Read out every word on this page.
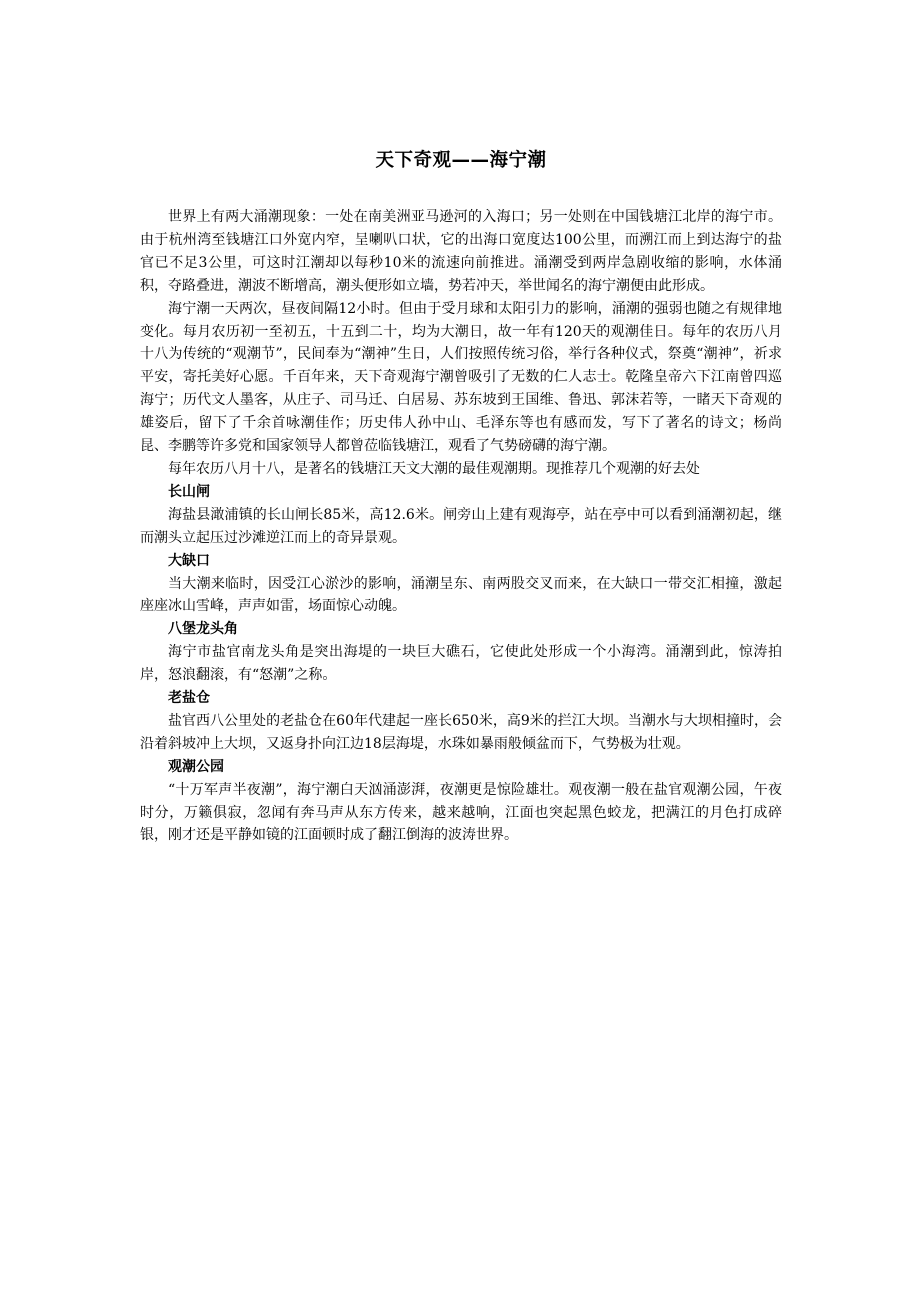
天下奇观——海宁潮

世界上有两大涌潮现象：一处在南美洲亚马逊河的入海口；另一处则在中国钱塘江北岸的海宁市。由于杭州湾至钱塘江口外宽内窄，呈喇叭口状，它的出海口宽度达100公里，而溯江而上到达海宁的盐官已不足3公里，可这时江潮却以每秒10米的流速向前推进。涌潮受到两岸急剧收缩的影响，水体涌积，夺路叠进，潮波不断增高，潮头便形如立墙，势若冲天，举世闻名的海宁潮便由此形成。

海宁潮一天两次，昼夜间隔12小时。但由于受月球和太阳引力的影响，涌潮的强弱也随之有规律地变化。每月农历初一至初五，十五到二十，均为大潮日，故一年有120天的观潮佳日。每年的农历八月十八为传统的“观潮节”，民间奉为“潮神”生日，人们按照传统习俗，举行各种仪式，祭奠“潮神”，祈求平安，寄托美好心愿。千百年来，天下奇观海宁潮曾吸引了无数的仁人志士。乾隆皇帝六下江南曾四巡海宁；历代文人墨客，从庄子、司马迁、白居易、苏东坡到王国维、鲁迅、郭沫若等，一睹天下奇观的雄姿后，留下了千余首咏潮佳作；历史伟人孙中山、毛泽东等也有感而发，写下了著名的诗文；杨尚昆、李鹏等许多党和国家领导人都曾莅临钱塘江，观看了气势磅礴的海宁潮。

每年农历八月十八，是著名的钱塘江天文大潮的最佳观潮期。现推荐几个观潮的好去处

长山闸

海盐县澉浦镇的长山闸长85米，高12.6米。闸旁山上建有观海亭，站在亭中可以看到涌潮初起，继而潮头立起压过沙滩逆江而上的奇异景观。

大缺口

当大潮来临时，因受江心淤沙的影响，涌潮呈东、南两股交叉而来，在大缺口一带交汇相撞，激起座座冰山雪峰，声声如雷，场面惊心动魄。

八堡龙头角

海宁市盐官南龙头角是突出海堤的一块巨大礁石，它使此处形成一个小海湾。涌潮到此，惊涛拍岸，怒浪翻滚，有“怒潮”之称。

老盐仓

盐官西八公里处的老盐仓在60年代建起一座长650米，高9米的拦江大坝。当潮水与大坝相撞时，会沿着斜坡冲上大坝，又返身扑向江边18层海堤，水珠如暴雨般倾盆而下，气势极为壮观。

观潮公园

“十万军声半夜潮”，海宁潮白天汹涌澎湃，夜潮更是惊险雄壮。观夜潮一般在盐官观潮公园，午夜时分，万籁俱寂，忽闻有奔马声从东方传来，越来越响，江面也突起黑色蛟龙，把满江的月色打成碎银，刚才还是平静如镜的江面顿时成了翻江倒海的波涛世界。
